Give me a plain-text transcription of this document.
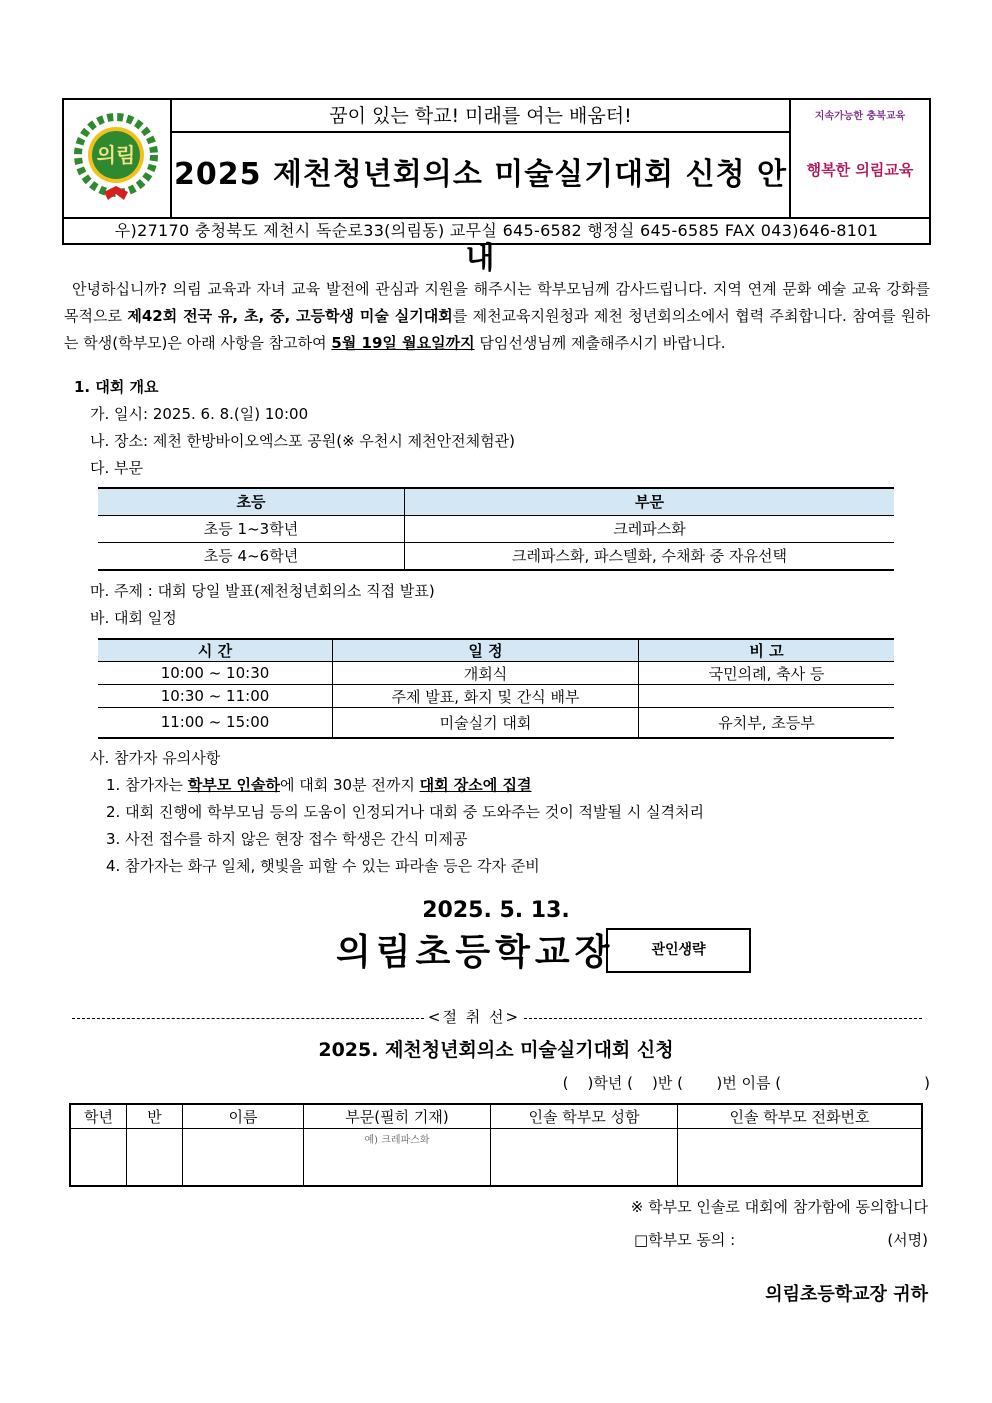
의림
꿈이 있는 학교! 미래를 여는 배움터!
2025 제천청년회의소 미술실기대회 신청 안내
지속가능한 충북교육
행복한 의림교육
우)27170 충청북도 제천시 독순로33(의림동) 교무실 645-6582 행정실 645-6585 FAX 043)646-8101
안녕하십니까? 의림 교육과 자녀 교육 발전에 관심과 지원을 해주시는 학부모님께 감사드립니다. 지역 연계 문화 예술 교육 강화를 목적으로 제42회 전국 유, 초, 중, 고등학생 미술 실기대회를 제천교육지원청과 제천 청년회의소에서 협력 주최합니다. 참여를 원하는 학생(학부모)은 아래 사항을 참고하여 5월 19일 월요일까지 담임선생님께 제출해주시기 바랍니다.
1. 대회 개요
가. 일시: 2025. 6. 8.(일) 10:00
나. 장소: 제천 한방바이오엑스포 공원(※ 우천시 제천안전체험관)
다. 부문
초등	부문
초등 1~3학년	크레파스화
초등 4~6학년	크레파스화, 파스텔화, 수채화 중 자유선택
마. 주제 : 대회 당일 발표(제천청년회의소 직접 발표)
바. 대회 일정
시 간	일 정	비 고
10:00 ~ 10:30	개회식	국민의례, 축사 등
10:30 ~ 11:00	주제 발표, 화지 및 간식 배부	
11:00 ~ 15:00	미술실기 대회	유치부, 초등부
사. 참가자 유의사항
1. 참가자는 학부모 인솔하에 대회 30분 전까지 대회 장소에 집결
2. 대회 진행에 학부모님 등의 도움이 인정되거나 대회 중 도와주는 것이 적발될 시 실격처리
3. 사전 접수를 하지 않은 현장 접수 학생은 간식 미제공
4. 참가자는 화구 일체, 햇빛을 피할 수 있는 파라솔 등은 각자 준비
2025. 5. 13.
의림초등학교장	관인생략
<절 취 선>
2025. 제천청년회의소 미술실기대회 신청
(    )학년 (    )반 (       )번 이름 (                              )
학년	반	이름	부문(필히 기재)	인솔 학부모 성함	인솔 학부모 전화번호
			예) 크레파스화		
※ 학부모 인솔로 대회에 참가함에 동의합니다
□학부모 동의 :	(서명)
의림초등학교장 귀하
